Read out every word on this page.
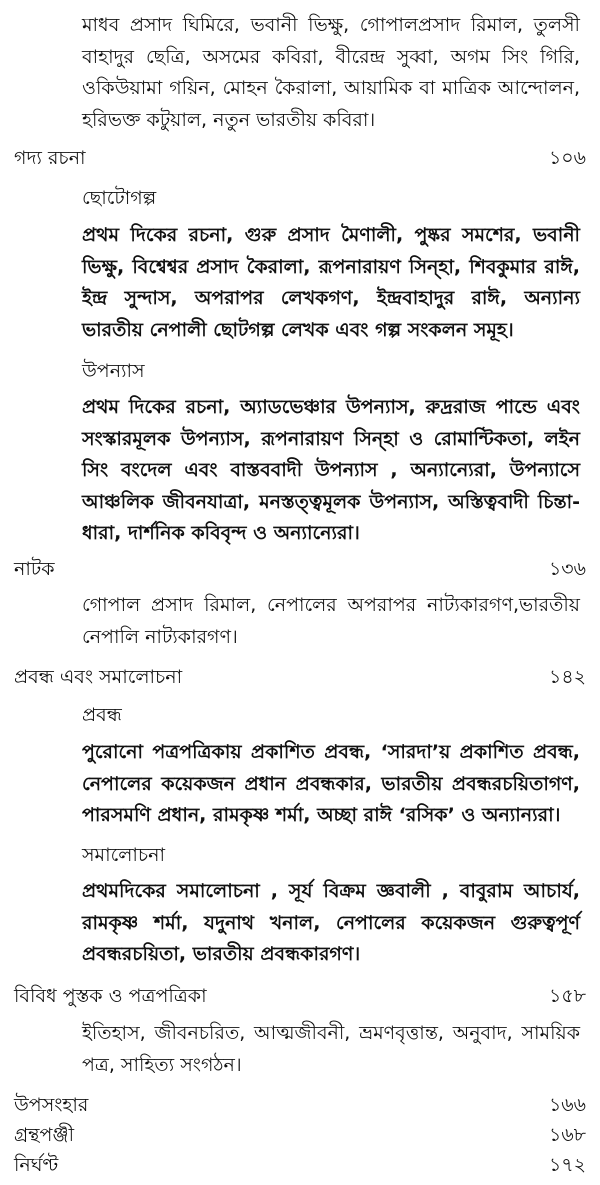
মাধব প্রসাদ ঘিমিরে, ভবানী ভিক্ষু, গোপালপ্রসাদ রিমাল, তুলসী বাহাদুর ছেত্রি, অসমের কবিরা, বীরেন্দ্র সুব্বা, অগম সিং গিরি, ওকিউয়ামা গয়িন, মোহন কৈরালা, আয়ামিক বা মাত্রিক আন্দোলন, হরিভক্ত কটুয়াল, নতুন ভারতীয় কবিরা।
গদ্য রচনা	১০৬
ছোটোগল্প
প্রথম দিকের রচনা, গুরু প্রসাদ মৈণালী, পুষ্কর সমশের, ভবানী ভিক্ষু, বিশ্বেশ্বর প্রসাদ কৈরালা, রূপনারায়ণ সিন্হা, শিবকুমার রাঈ, ইন্দ্র সুন্দাস, অপরাপর লেখকগণ, ইন্দ্রবাহাদুর রাঈ, অন্যান্য ভারতীয় নেপালী ছোটগল্প লেখক এবং গল্প সংকলন সমূহ।
উপন্যাস
প্রথম দিকের রচনা, অ্যাডভেঞ্চার উপন্যাস, রুদ্ররাজ পান্ডে এবং সংস্কারমূলক উপন্যাস, রূপনারায়ণ সিন্হা ও রোমান্টিকতা, লইন সিং বংদেল এবং বাস্তববাদী উপন্যাস , অন্যান্যেরা, উপন্যাসে আঞ্চলিক জীবনযাত্রা, মনস্তত্ত্বমূলক উপন্যাস, অস্তিত্ববাদী চিন্তা-ধারা, দার্শনিক কবিবৃন্দ ও অন্যান্যেরা।
নাটক	১৩৬
গোপাল প্রসাদ রিমাল, নেপালের অপরাপর নাট্যকারগণ,ভারতীয় নেপালি নাট্যকারগণ।
প্রবন্ধ এবং সমালোচনা	১৪২
প্রবন্ধ
পুরোনো পত্রপত্রিকায় প্রকাশিত প্রবন্ধ, ‘সারদা’য় প্রকাশিত প্রবন্ধ, নেপালের কয়েকজন প্রধান প্রবন্ধকার, ভারতীয় প্রবন্ধরচয়িতাগণ, পারসমণি প্রধান, রামকৃষ্ণ শর্মা, অচ্ছা রাঈ ‘রসিক’ ও অন্যান্যরা।
সমালোচনা
প্রথমদিকের সমালোচনা , সূর্য বিক্রম জ্ঞবালী , বাবুরাম আচার্য, রামকৃষ্ণ শর্মা, যদুনাথ খনাল, নেপালের কয়েকজন গুরুত্বপূর্ণ প্রবন্ধরচয়িতা, ভারতীয় প্রবন্ধকারগণ।
বিবিধ পুস্তক ও পত্রপত্রিকা	১৫৮
ইতিহাস, জীবনচরিত, আত্মজীবনী, ভ্রমণবৃত্তান্ত, অনুবাদ, সাময়িক পত্র, সাহিত্য সংগঠন।
উপসংহার	১৬৬
গ্রন্থপঞ্জী	১৬৮
নির্ঘণ্ট	১৭২
